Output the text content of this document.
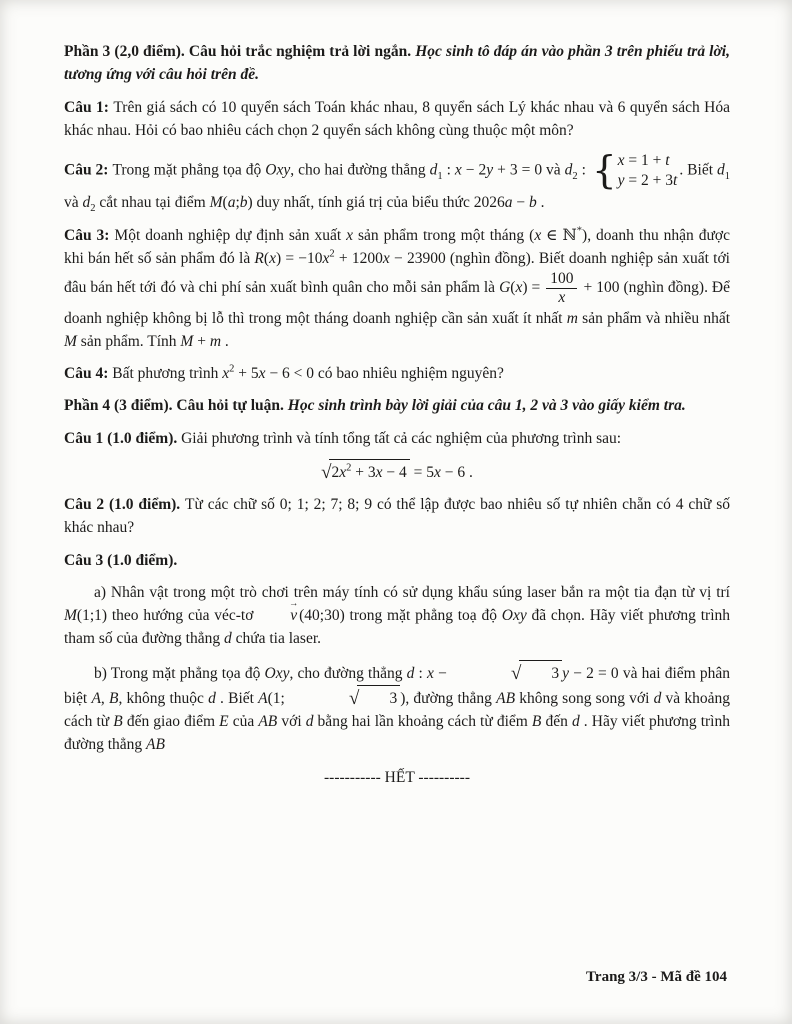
Phần 3 (2,0 điểm). Câu hỏi trắc nghiệm trả lời ngắn. Học sinh tô đáp án vào phần 3 trên phiếu trả lời, tương ứng với câu hỏi trên đề.

Câu 1: Trên giá sách có 10 quyển sách Toán khác nhau, 8 quyển sách Lý khác nhau và 6 quyển sách Hóa khác nhau. Hỏi có bao nhiêu cách chọn 2 quyển sách không cùng thuộc một môn?

Câu 2: Trong mặt phẳng tọa độ Oxy, cho hai đường thẳng $d_1$ : x − 2y + 3 = 0 và $d_2$ : { x = 1 + t
y = 2 + 3t
. Biết $d_1$ và $d_2$ cắt nhau tại điểm M(a;b) duy nhất, tính giá trị của biểu thức 2026a − b .

Câu 3: Một doanh nghiệp dự định sản xuất x sản phẩm trong một tháng (x ∈ ℕ*), doanh thu nhận được khi bán hết số sản phẩm đó là $R(x) = -10x^2 + 1200x - 23900$ (nghìn đồng). Biết doanh nghiệp sản xuất tới đâu bán hết tới đó và chi phí sản xuất bình quân cho mỗi sản phẩm là $G(x) = \frac{100}{x} + 100$ (nghìn đồng). Để doanh nghiệp không bị lỗ thì trong một tháng doanh nghiệp cần sản xuất ít nhất m sản phẩm và nhiều nhất M sản phẩm. Tính M + m .

Câu 4: Bất phương trình $x^2 + 5x - 6 < 0$ có bao nhiêu nghiệm nguyên?

Phần 4 (3 điểm). Câu hỏi tự luận. Học sinh trình bày lời giải của câu 1, 2 và 3 vào giấy kiểm tra.

Câu 1 (1.0 điểm). Giải phương trình và tính tổng tất cả các nghiệm của phương trình sau:

$√2x^2 + 3x - 4 = 5x - 6$ .

Câu 2 (1.0 điểm). Từ các chữ số 0; 1; 2; 7; 8; 9 có thể lập được bao nhiêu số tự nhiên chẵn có 4 chữ số khác nhau?

Câu 3 (1.0 điểm).

a) Nhân vật trong một trò chơi trên máy tính có sử dụng khẩu súng laser bắn ra một tia đạn từ vị trí M(1;1) theo hướng của véc-tơ → v (40;30) trong mặt phẳng toạ độ Oxy đã chọn. Hãy viết phương trình tham số của đường thẳng d chứa tia laser.

b) Trong mặt phẳng tọa độ Oxy, cho đường thẳng d : x −	√ 3 y − 2 = 0 và hai điểm phân biệt A, B, không thuộc d . Biết A(1;	√ 3 ), đường thẳng AB không song song với d và khoảng cách từ B đến giao điểm E của AB với d bằng hai lần khoảng cách từ điểm B đến d . Hãy viết phương trình đường thẳng AB

----------- HẾT ----------

Trang 3/3 - Mã đề 104
